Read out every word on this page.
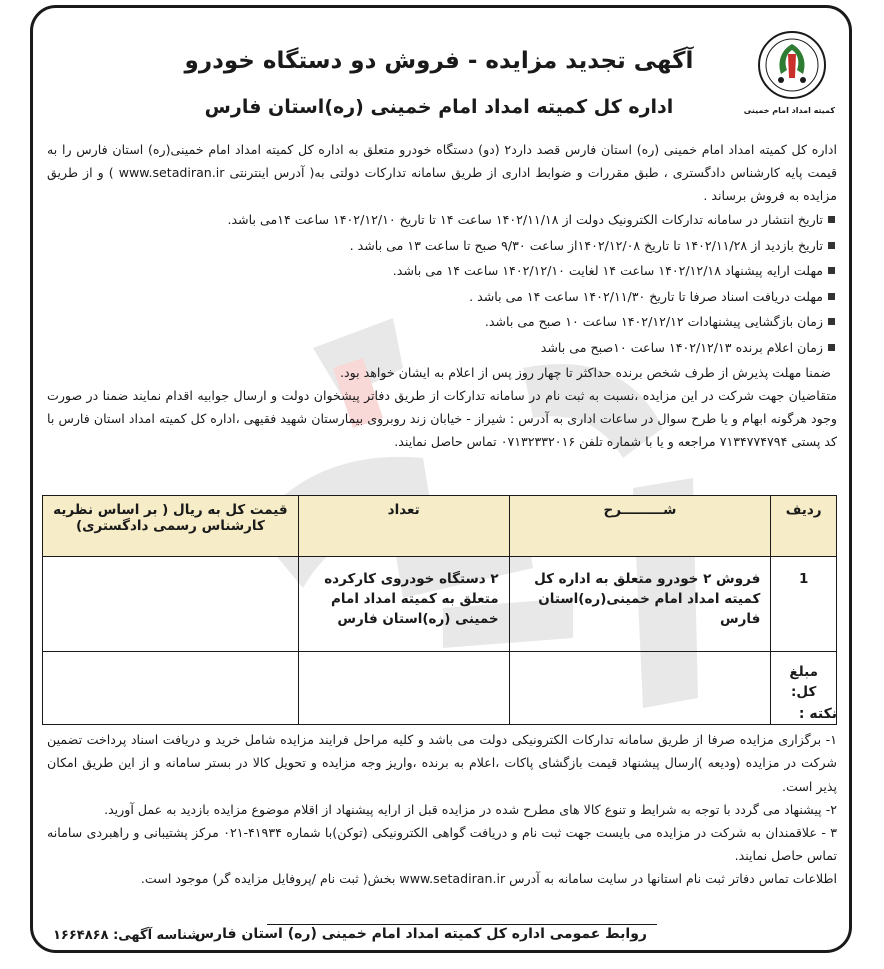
کمیته امداد امام خمینی
آگهی تجدید مزایده - فروش دو دستگاه خودرو
اداره کل کمیته امداد امام خمینی (ره)استان فارس

اداره کل کمیته امداد امام خمینی (ره) استان فارس قصد دارد۲ (دو) دستگاه خودرو متعلق به اداره کل کمیته امداد امام خمینی(ره) استان فارس را به قیمت پایه کارشناس دادگستری ، طبق مقررات و ضوابط اداری از طریق سامانه تدارکات دولتی به( آدرس اینترنتی www.setadiran.ir ) و از طریق مزایده به فروش برساند .

تاریخ انتشار در سامانه تدارکات الکترونیک دولت از ۱۴۰۲/۱۱/۱۸ ساعت ۱۴ تا تاریخ ۱۴۰۲/۱۲/۱۰ ساعت ۱۴می باشد.
تاریخ بازدید از ۱۴۰۲/۱۱/۲۸ تا تاریخ ۱۴۰۲/۱۲/۰۸از ساعت ۹/۳۰ صبح تا ساعت ۱۳ می باشد .
مهلت ارایه پیشنهاد ۱۴۰۲/۱۲/۱۸ ساعت ۱۴ لغایت ۱۴۰۲/۱۲/۱۰ ساعت ۱۴ می باشد.
مهلت دریافت اسناد صرفا تا تاریخ ۱۴۰۲/۱۱/۳۰ ساعت ۱۴ می باشد .
زمان بازگشایی پیشنهادات ۱۴۰۲/۱۲/۱۲ ساعت ۱۰ صبح می باشد.
زمان اعلام برنده ۱۴۰۲/۱۲/۱۳ ساعت ۱۰صبح می باشد

ضمنا مهلت پذیرش از طرف شخص برنده حداکثر تا چهار روز پس از اعلام به ایشان خواهد بود.

متقاضیان جهت شرکت در این مزایده ،نسبت به ثبت نام در سامانه تدارکات از طریق دفاتر پیشخوان دولت و ارسال جوابیه اقدام نمایند ضمنا در صورت وجود هرگونه ابهام و یا طرح سوال در ساعات اداری به آدرس : شیراز - خیابان زند روبروی بیمارستان شهید فقیهی ،اداره کل کمیته امداد استان فارس با کد پستی ۷۱۳۴۷۷۴۷۹۴ مراجعه و یا با شماره تلفن ۰۷۱۳۲۳۳۲۰۱۶ تماس حاصل نمایند.

ردیف	شـــــــــرح	تعداد	قیمت کل به ریال ( بر اساس نظریه کارشناس رسمی دادگستری)
1	فروش ۲ خودرو متعلق به اداره کل کمیته امداد امام خمینی(ره)استان فارس	۲ دستگاه خودروی کارکرده متعلق به کمیته امداد امام خمینی (ره)استان فارس	
مبلغ کل:			

نکته :

۱- برگزاری مزایده صرفا از طریق سامانه تدارکات الکترونیکی دولت می باشد و کلیه مراحل فرایند مزایده شامل خرید و دریافت اسناد پرداخت تضمین شرکت در مزایده (ودیعه )ارسال پیشنهاد قیمت بازگشای پاکات ،اعلام به برنده ،واریز وجه مزایده و تحویل کالا در بستر سامانه و از این طریق امکان پذیر است.

۲- پیشنهاد می گردد با توجه به شرایط و تنوع کالا های مطرح شده در مزایده قبل از ارایه پیشنهاد از اقلام موضوع مزایده بازدید به عمل آورید.

۳ - علاقمندان به شرکت در مزایده می بایست جهت ثبت نام و دریافت گواهی الکترونیکی (توکن)با شماره ۴۱۹۳۴-۰۲۱ مرکز پشتیبانی و راهبردی سامانه تماس حاصل نمایند.

اطلاعات تماس دفاتر ثبت نام استانها در سایت سامانه به آدرس www.setadiran.ir بخش( ثبت نام /پروفایل مزایده گر) موجود است.

روابط عمومی اداره کل کمیته امداد امام خمینی (ره) استان فارس
شناسه آگهی: ۱۶۶۴۸۶۸
